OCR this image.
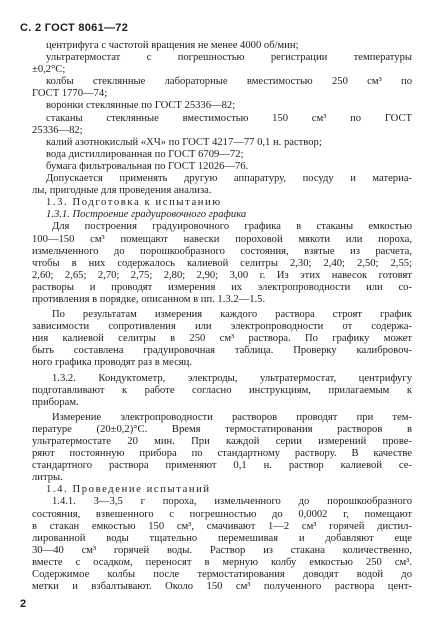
С. 2 ГОСТ 8061—72
центрифуга с частотой вращения не менее 4000 об/мин;
ультратермостат с погрешностью регистрации температуры
±0,2°С;
колбы стеклянные лабораторные вместимостью 250 см³ по
ГОСТ 1770—74;
воронки стеклянные по ГОСТ 25336—82;
стаканы стеклянные вместимостью 150 см³ по ГОСТ
25336—82;
калий азотнокислый «ХЧ» по ГОСТ 4217—77 0,1 н. раствор;
вода дистиллированная по ГОСТ 6709—72;
бумага фильтровальная по ГОСТ 12026—76.
Допускается применять другую аппаратуру, посуду и материа-
лы, пригодные для проведения анализа.
1.3. Подготовка к испытанию
1.3.1. Построение градуировочного графика
Для построения градуировочного графика в стаканы емкостью
100—150 см³ помещают навески пороховой мякоти или пороха,
измельченного до порошкообразного состояния, взятые из расчета,
чтобы в них содержалось калиевой селитры 2,30; 2,40; 2,50; 2,55;
2,60; 2,65; 2,70; 2,75; 2,80; 2,90; 3,00 г. Из этих навесок готовят
растворы и проводят измерения их электропроводности или со-
противления в порядке, описанном в пп. 1.3.2—1.5.
По результатам измерения каждого раствора строят график
зависимости сопротивления или электропроводности от содержа-
ния калиевой селитры в 250 см³ раствора. По графику может
быть составлена градуировочная таблица. Проверку калибровоч-
ного графика проводят раз в месяц.
1.3.2. Кондуктометр, электроды, ультратермостат, центрифугу
подготавливают к работе согласно инструкциям, прилагаемым к
приборам.
Измерение электропроводности растворов проводят при тем-
пературе (20±0,2)°С. Время термостатирования растворов в
ультратермостате 20 мин. При каждой серии измерений прове-
ряют постоянную прибора по стандартному раствору. В качестве
стандартного раствора применяют 0,1 н. раствор калиевой се-
литры.
1.4. Проведение испытаний
1.4.1. 3—3,5 г пороха, измельченного до порошкообразного
состояния, взвешенного с погрешностью до 0,0002 г, помещают
в стакан емкостью 150 см³, смачивают 1—2 см³ горячей дистил-
лированной воды тщательно перемешивая и добавляют еще
30—40 см³ горячей воды. Раствор из стакана количественно,
вместе с осадком, переносят в мерную колбу емкостью 250 см³.
Содержимое колбы после термостатирования доводят водой до
метки и взбалтывают. Около 150 см³ полученного раствора цент-
2
